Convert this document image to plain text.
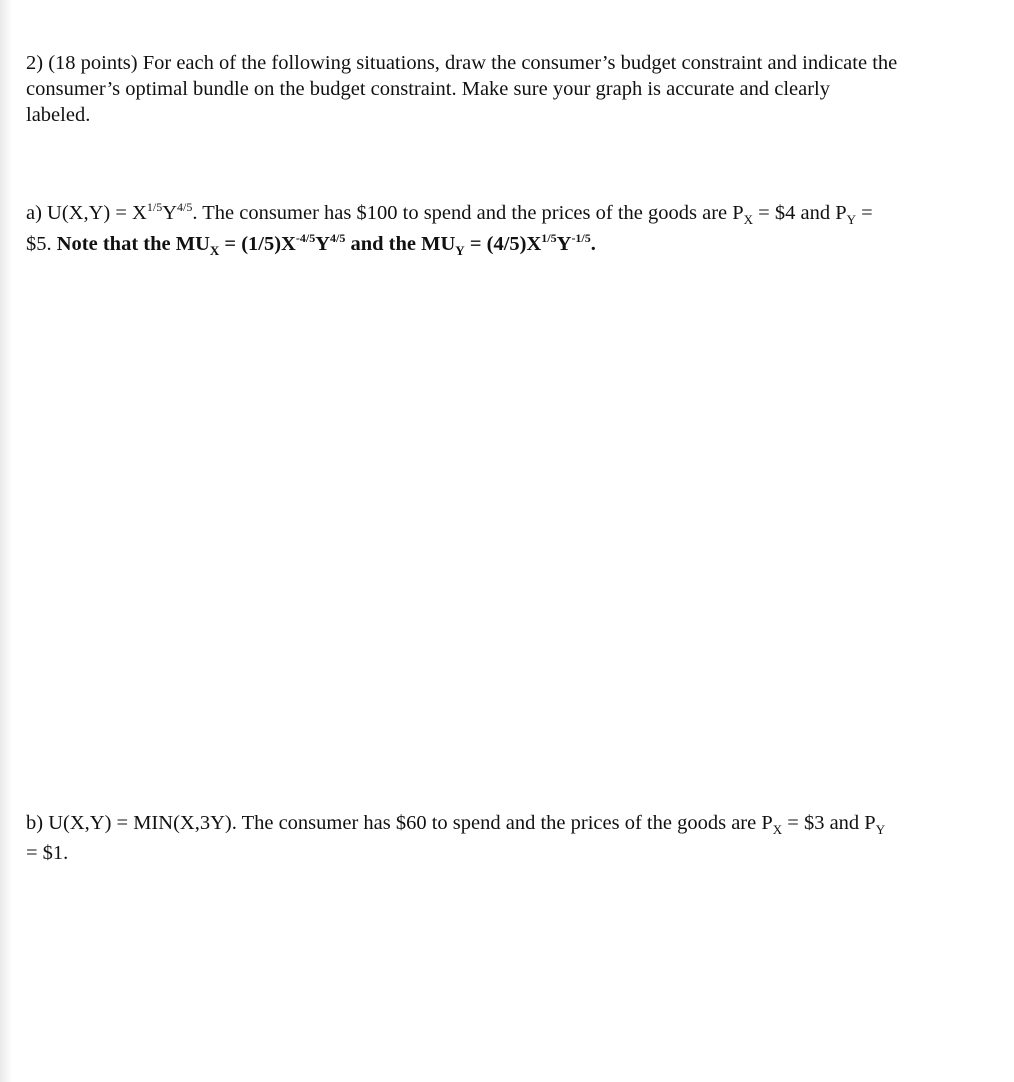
2) (18 points) For each of the following situations, draw the consumer’s budget constraint and indicate the
consumer’s optimal bundle on the budget constraint. Make sure your graph is accurate and clearly
labeled.
a) $U(X,Y) = X^{1/5}Y^{4/5}$. The consumer has $100 to spend and the prices of the goods are $P_X$ = $4 and $P_Y$ =
$5. Note that the $MU_X = (1/5)X^{-4/5}Y^{4/5}$ and the $MU_Y = (4/5)X^{1/5}Y^{-1/5}$.
b) U(X,Y) = MIN(X,3Y). The consumer has $60 to spend and the prices of the goods are $P_X$ = $3 and $P_Y$
= $1.
